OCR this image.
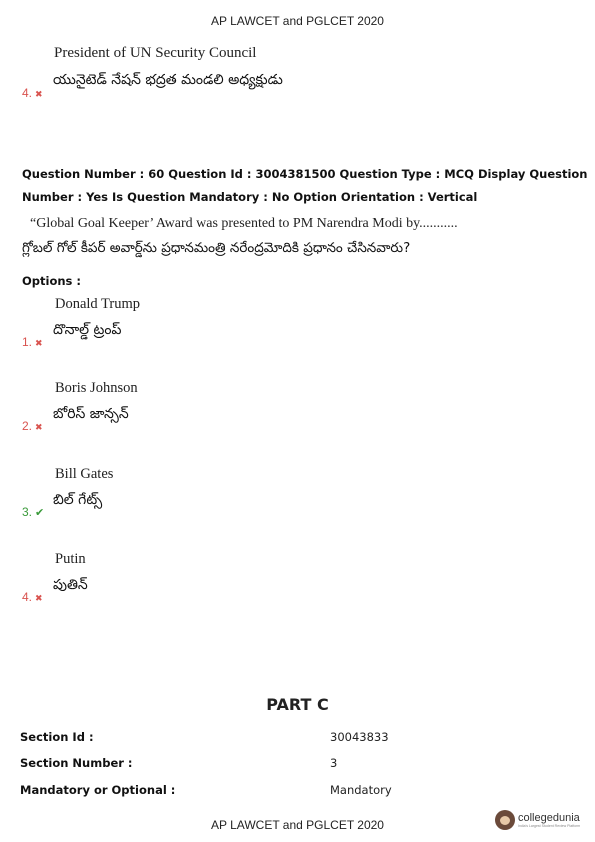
AP LAWCET and PGLCET 2020
President of UN Security Council
4. ✖
యునైటెడ్ నేషన్ భద్రత మండలి అధ్యక్షుడు
Question Number : 60 Question Id : 3004381500 Question Type : MCQ Display Question
Number : Yes Is Question Mandatory : No Option Orientation : Vertical
“Global Goal Keeper’ Award was presented to PM Narendra Modi by...........
గ్లోబల్ గోల్ కీపర్ అవార్డ్‌ను ప్రధానమంత్రి నరేంద్రమోదికి ప్రధానం చేసినవారు?
Options :
Donald Trump
1. ✖
దొనాల్డ్ ట్రంప్
Boris Johnson
2. ✖
బోరిస్ జాన్సన్
Bill Gates
3. ✔
బిల్ గేట్స్
Putin
4. ✖
పుతిన్
PART C
Section Id :	30043833
Section Number :	3
Mandatory or Optional :	Mandatory
AP LAWCET and PGLCET 2020	collegedunia
India's Largest Student Review Platform
